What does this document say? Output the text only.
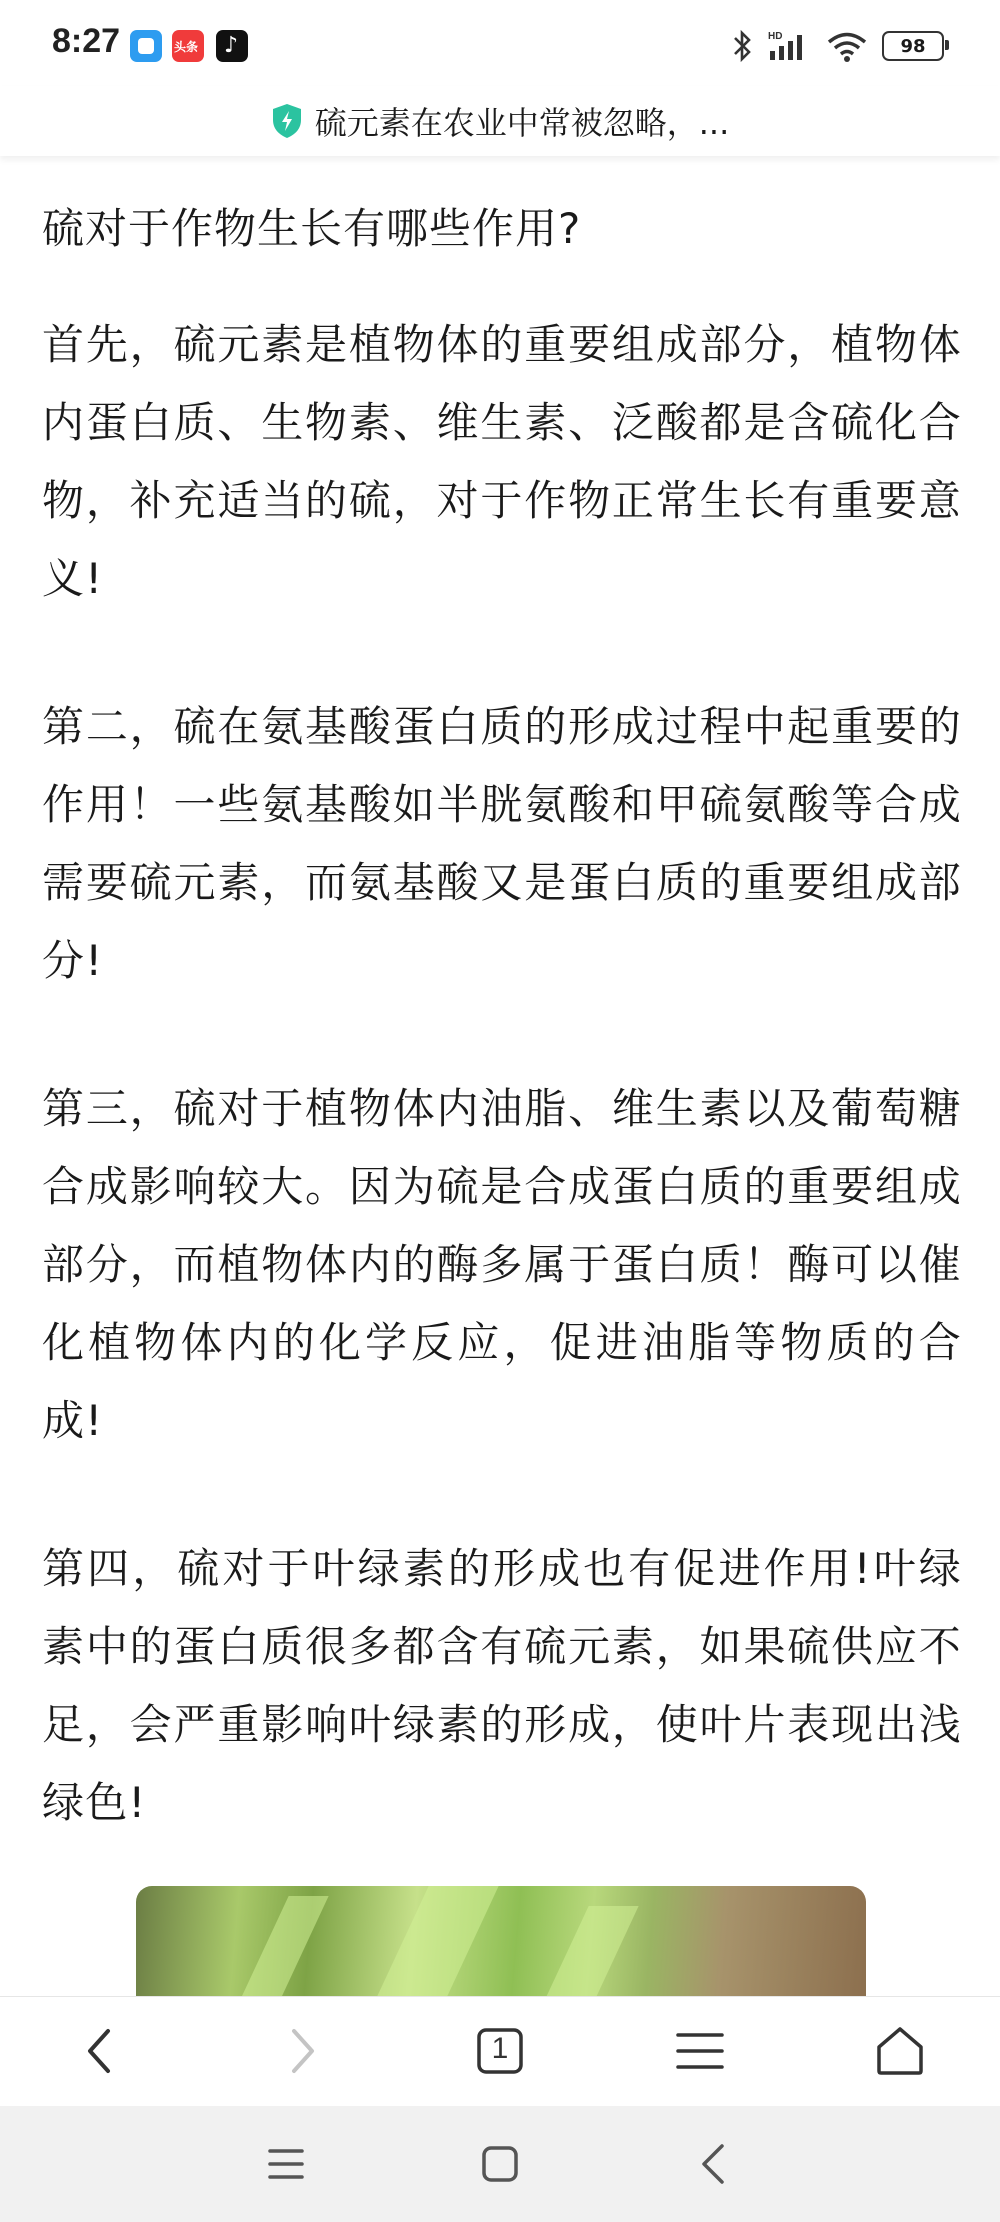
8:27	头条 ♪	HD	98
硫元素在农业中常被忽略，...

硫对于作物生长有哪些作用?

首先，硫元素是植物体的重要组成部分，植物体内蛋白质、生物素、维生素、泛酸都是含硫化合物，补充适当的硫，对于作物正常生长有重要意义!

第二，硫在氨基酸蛋白质的形成过程中起重要的作用！一些氨基酸如半胱氨酸和甲硫氨酸等合成需要硫元素，而氨基酸又是蛋白质的重要组成部分!

第三，硫对于植物体内油脂、维生素以及葡萄糖合成影响较大。因为硫是合成蛋白质的重要组成部分，而植物体内的酶多属于蛋白质！酶可以催化植物体内的化学反应，促进油脂等物质的合成!

第四，硫对于叶绿素的形成也有促进作用!叶绿素中的蛋白质很多都含有硫元素，如果硫供应不足，会严重影响叶绿素的形成，使叶片表现出浅绿色!

1
